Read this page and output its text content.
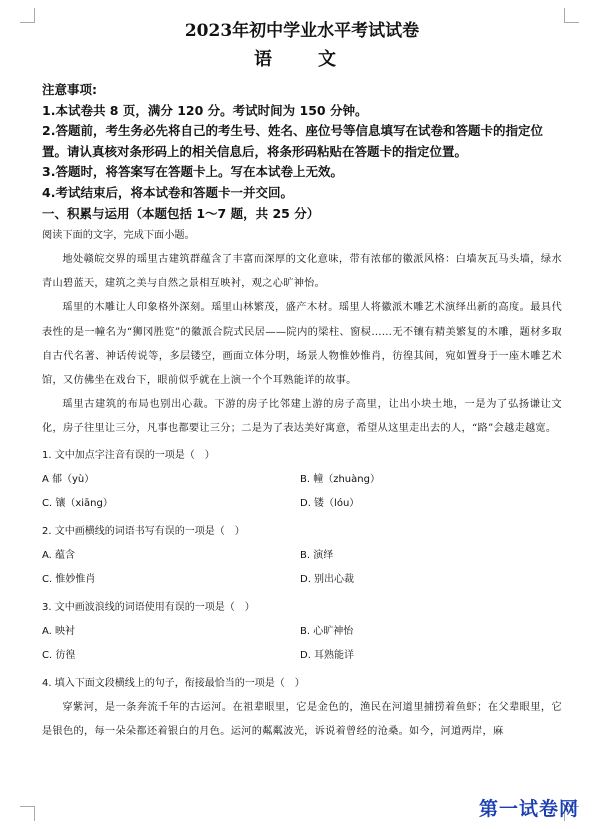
2023年初中学业水平考试试卷
语　文
注意事项:
1.本试卷共 8 页，满分 120 分。考试时间为 150 分钟。
2.答题前，考生务必先将自己的考生号、姓名、座位号等信息填写在试卷和答题卡的指定位
置。请认真核对条形码上的相关信息后，将条形码粘贴在答题卡的指定位置。
3.答题时，将答案写在答题卡上。写在本试卷上无效。
4.考试结束后，将本试卷和答题卡一并交回。
一、积累与运用（本题包括 1～7 题，共 25 分）
阅读下面的文字，完成下面小题。

地处赣皖交界的瑶里古建筑群蕴含了丰富而深厚的文化意味，带有浓郁的徽派风格：白墙灰瓦马头墙，绿水青山碧蓝天，建筑之美与自然之景相互映衬，观之心旷神怡。

瑶里的木雕让人印象格外深刻。瑶里山林繁茂，盛产木材。瑶里人将徽派木雕艺术演绎出新的高度。最具代表性的是一幢名为“狮冈胜览”的徽派合院式民居——院内的梁柱、窗棂……无不镶有精美繁复的木雕，题材多取自古代名著、神话传说等，多层镂空，画面立体分明，场景人物惟妙惟肖，彷徨其间，宛如置身于一座木雕艺术馆，又仿佛坐在戏台下，眼前似乎就在上演一个个耳熟能详的故事。

瑶里古建筑的布局也别出心裁。下游的房子比邻建上游的房子高里，让出小块土地，一是为了弘扬谦让文化，房子往里让三分，凡事也都要让三分；二是为了表达美好寓意，希望从这里走出去的人，“路”会越走越宽。

1. 文中加点字注音有误的一项是（　）
A 郁（yù）	B. 幢（zhuàng）
C. 镶（xiāng）	D. 镂（lóu）
2. 文中画横线的词语书写有误的一项是（　）
A. 蕴含	B. 演绎
C. 惟妙惟肖	D. 别出心裁
3. 文中画波浪线的词语使用有误的一项是（　）
A. 映衬	B. 心旷神怡
C. 彷徨	D. 耳熟能详
4. 填入下面文段横线上的句子，衔接最恰当的一项是（　）

穿紫河，是一条奔流千年的古运河。在祖辈眼里，它是金色的，渔民在河道里捕捞着鱼虾；在父辈眼里，它是银色的，每一朵朵都还着银白的月色。运河的粼粼波光，诉说着曾经的沧桑。如今，河道两岸，麻

第一试卷网
